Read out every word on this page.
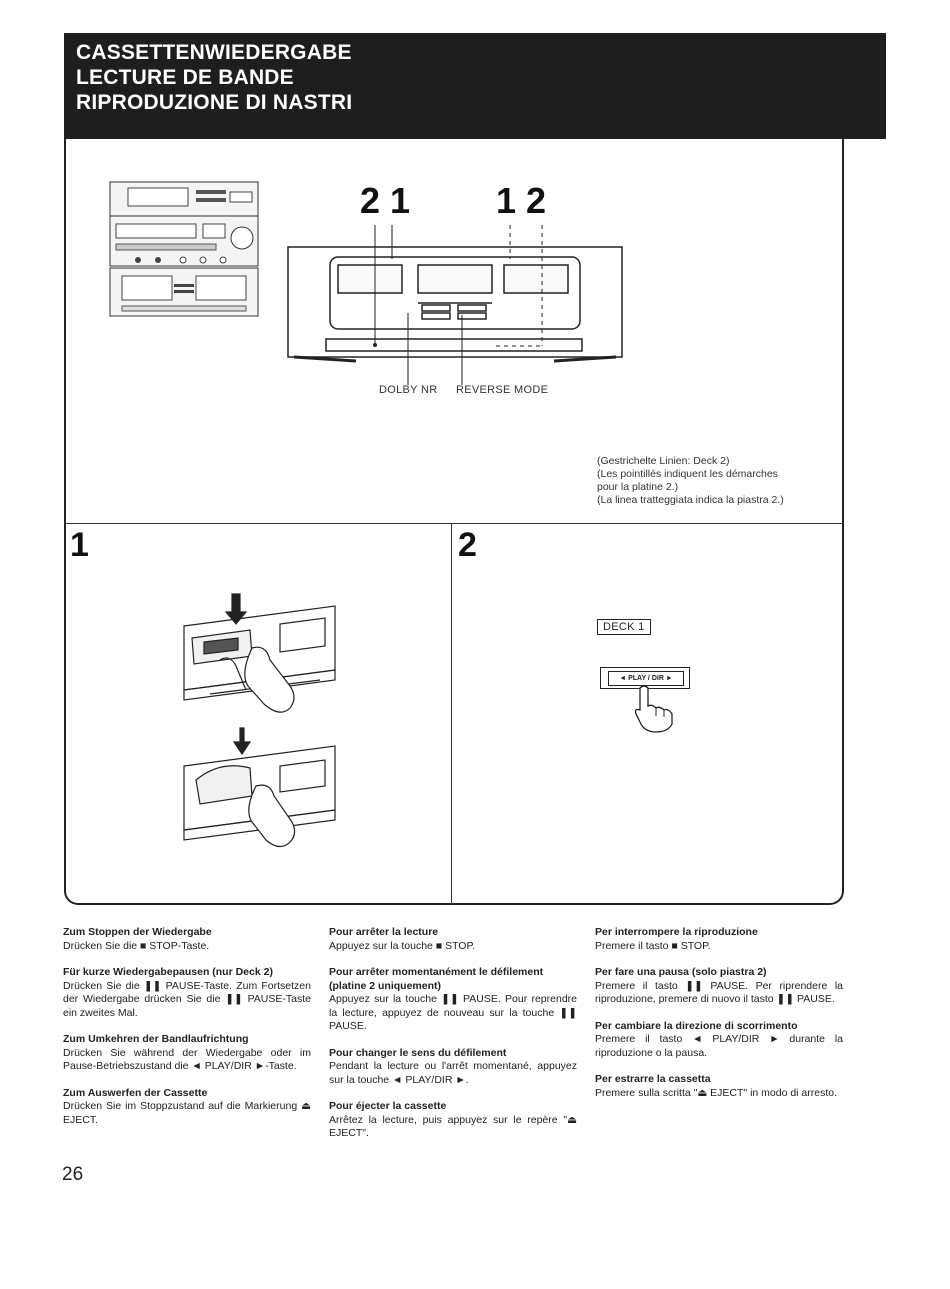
CASSETTENWIEDERGABE
LECTURE DE BANDE
RIPRODUZIONE DI NASTRI
2 1 1 2
DOLBY NR REVERSE MODE
(Gestricheltе Linien: Deck 2)
(Les pointillés indiquent les démarches
pour la platine 2.)
(La linea tratteggiata indica la piastra 2.)
1	2
DECK 1
◄ PLAY / DIR ►
Zum Stoppen der Wiedergabe
Drücken Sie die ■ STOP-Taste.
Für kurze Wiedergabepausen (nur Deck 2)
Drücken Sie die ❚❚ PAUSE-Taste. Zum Fortsetzen der Wiedergabe drücken Sie die ❚❚ PAUSE-Taste ein zweites Mal.
Zum Umkehren der Bandlaufrichtung
Drücken Sie während der Wiedergabe oder im Pause-Betriebszustand die ◄ PLAY/DIR ►-Taste.
Zum Auswerfen der Cassette
Drücken Sie im Stoppzustand auf die Markierung ⏏ EJECT.
Pour arrêter la lecture
Appuyez sur la touche ■ STOP.
Pour arrêter momentanément le défilement (platine 2 uniquement)
Appuyez sur la touche ❚❚ PAUSE. Pour reprendre la lecture, appuyez de nouveau sur la touche ❚❚ PAUSE.
Pour changer le sens du défilement
Pendant la lecture ou l'arrêt momentané, appuyez sur la touche ◄ PLAY/DIR ►.
Pour éjecter la cassette
Arrêtez la lecture, puis appuyez sur le repère "⏏ EJECT".
Per interrompere la riproduzione
Premere il tasto ■ STOP.
Per fare una pausa (solo piastra 2)
Premere il tasto ❚❚ PAUSE. Per riprendere la riproduzione, premere di nuovo il tasto ❚❚ PAUSE.
Per cambiare la direzione di scorrimento
Premere il tasto ◄ PLAY/DIR ► durante la riproduzione o la pausa.
Per estrarre la cassetta
Premere sulla scritta "⏏ EJECT" in modo di arresto.
26
